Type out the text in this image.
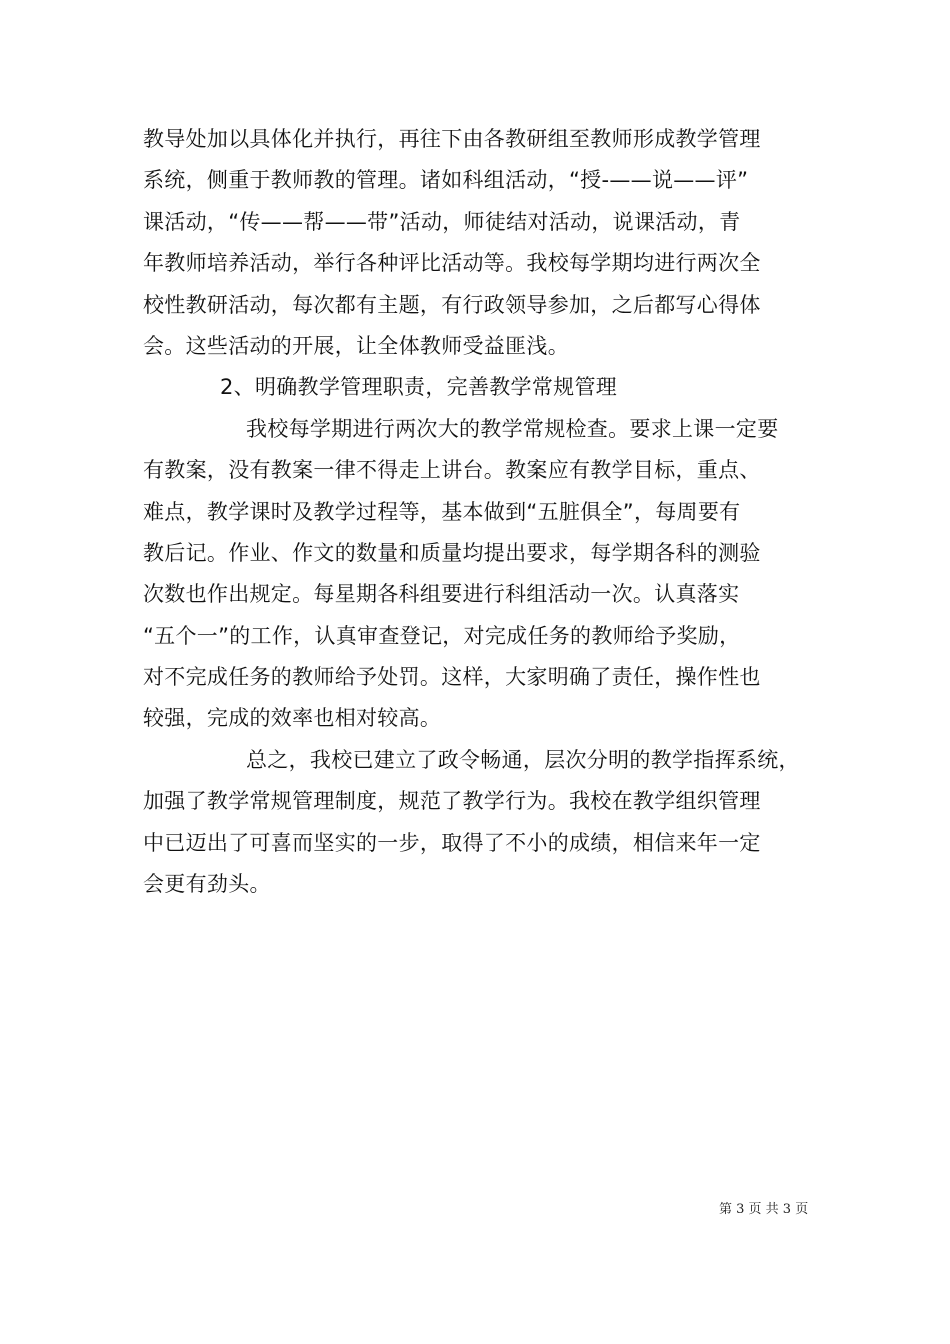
教导处加以具体化并执行，再往下由各教研组至教师形成教学管理
系统，侧重于教师教的管理。诸如科组活动，“授-——说——评”
课活动，“传——帮——带”活动，师徒结对活动，说课活动，青
年教师培养活动，举行各种评比活动等。我校每学期均进行两次全
校性教研活动，每次都有主题，有行政领导参加，之后都写心得体
会。这些活动的开展，让全体教师受益匪浅。
2、明确教学管理职责，完善教学常规管理
我校每学期进行两次大的教学常规检查。要求上课一定要
有教案，没有教案一律不得走上讲台。教案应有教学目标，重点、
难点，教学课时及教学过程等，基本做到“五脏俱全”，每周要有
教后记。作业、作文的数量和质量均提出要求，每学期各科的测验
次数也作出规定。每星期各科组要进行科组活动一次。认真落实
“五个一”的工作，认真审查登记，对完成任务的教师给予奖励，
对不完成任务的教师给予处罚。这样，大家明确了责任，操作性也
较强，完成的效率也相对较高。
总之，我校已建立了政令畅通，层次分明的教学指挥系统，
加强了教学常规管理制度，规范了教学行为。我校在教学组织管理
中已迈出了可喜而坚实的一步，取得了不小的成绩，相信来年一定
会更有劲头。
第 3 页 共 3 页
